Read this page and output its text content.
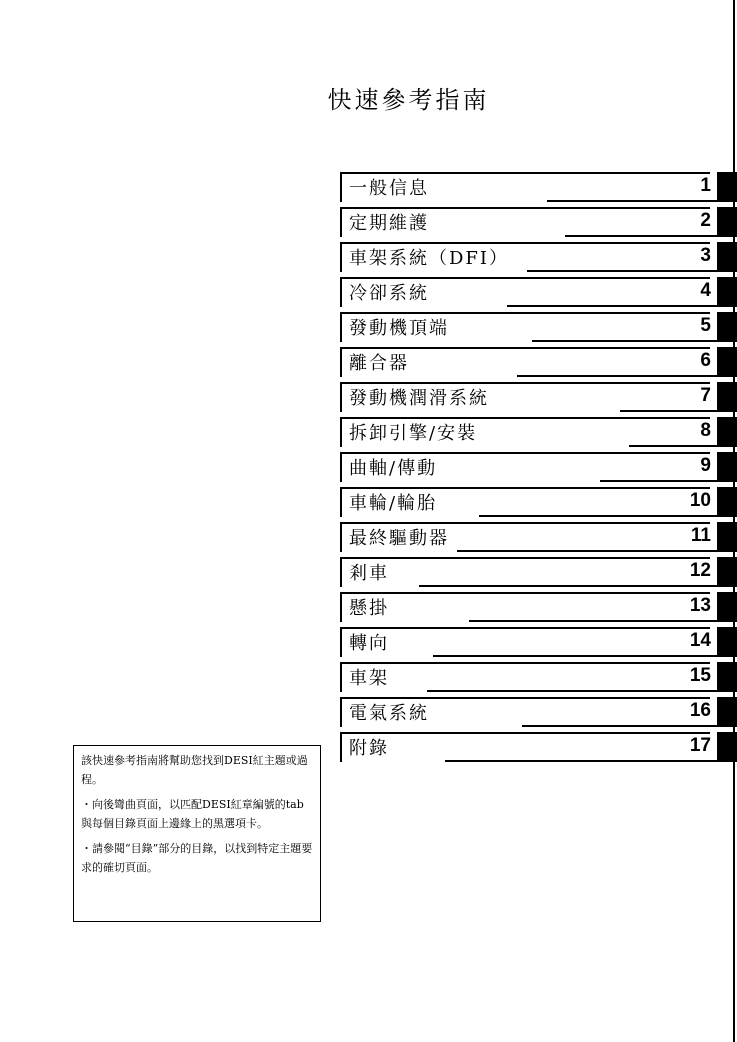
快速參考指南
一般信息	1
定期維護	2
車架系統（DFI）	3
冷卻系統	4
發動機頂端	5
離合器	6
發動機潤滑系統	7
拆卸引擎/安裝	8
曲軸/傳動	9
車輪/輪胎	10
最終驅動器	11
剎車	12
懸掛	13
轉向	14
車架	15
電氣系統	16
附錄	17

該快速參考指南將幫助您找到DESI紅主題或過程。

・向後彎曲頁面，以匹配DESI紅章編號的tab與每個目錄頁面上邊緣上的黑選項卡。

・請參閱“目錄”部分的目錄，以找到特定主題要求的確切頁面。
